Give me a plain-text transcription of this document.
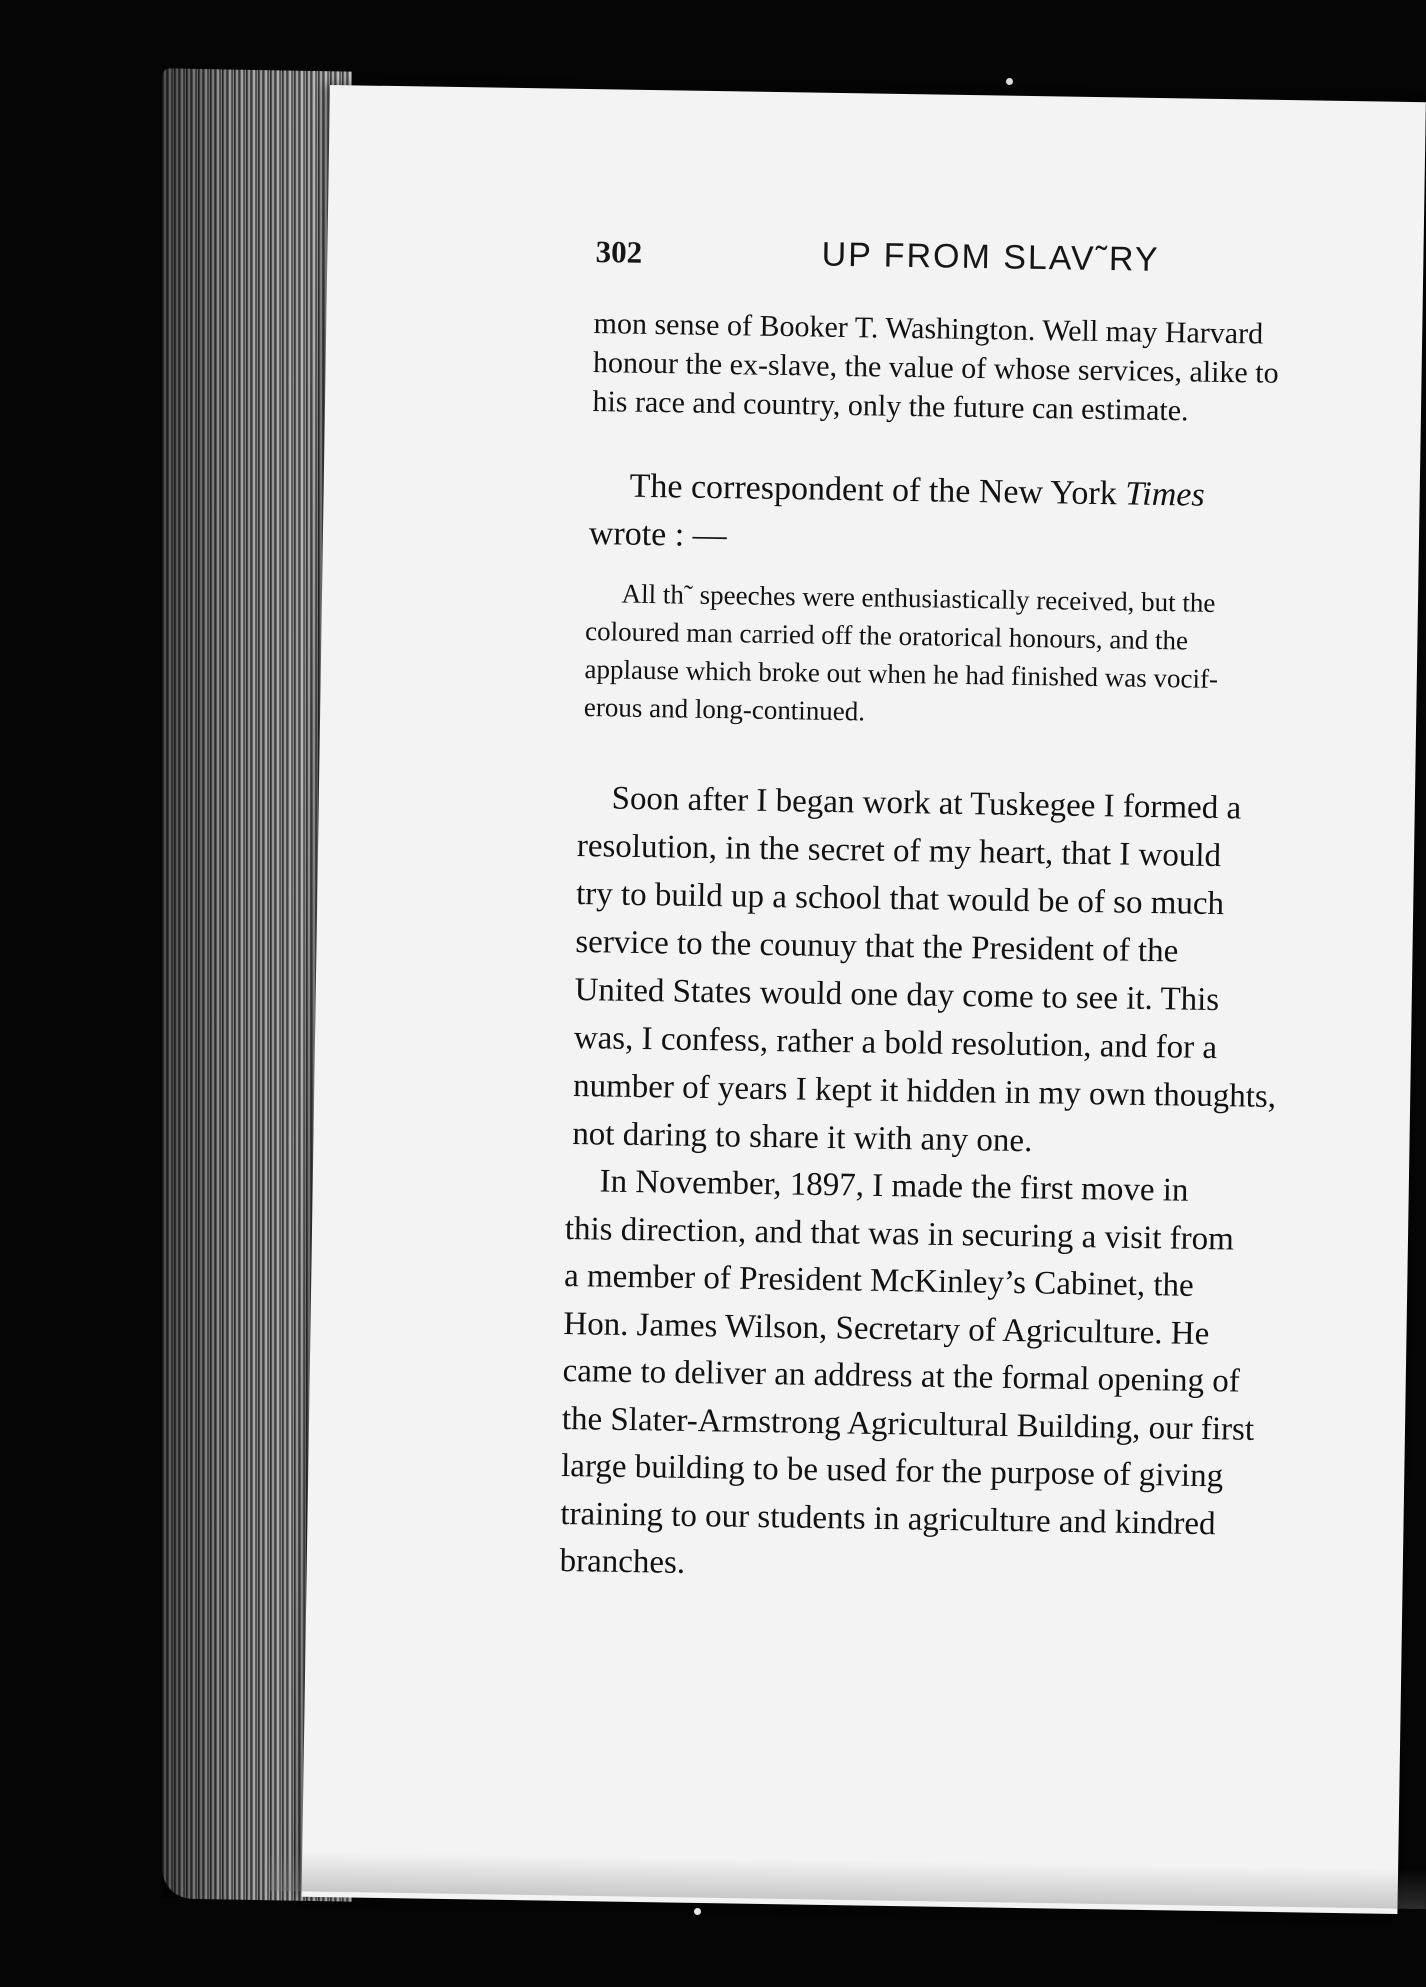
302	UP FROM SLAV˜RY
mon sense of Booker T. Washington. Well may Harvard
honour the ex-slave, the value of whose services, alike to
his race and country, only the future can estimate.
The correspondent of the New York Times
wrote : —
All th˜ speeches were enthusiastically received, but the
coloured man carried off the oratorical honours, and the
applause which broke out when he had finished was vocif-
erous and long-continued.
Soon after I began work at Tuskegee I formed a
resolution, in the secret of my heart, that I would
try to build up a school that would be of so much
service to the counuy that the President of the
United States would one day come to see it. This
was, I confess, rather a bold resolution, and for a
number of years I kept it hidden in my own thoughts,
not daring to share it with any one.
In November, 1897, I made the first move in
this direction, and that was in securing a visit from
a member of President McKinley’s Cabinet, the
Hon. James Wilson, Secretary of Agriculture. He
came to deliver an address at the formal opening of
the Slater-Armstrong Agricultural Building, our first
large building to be used for the purpose of giving
training to our students in agriculture and kindred
branches.
